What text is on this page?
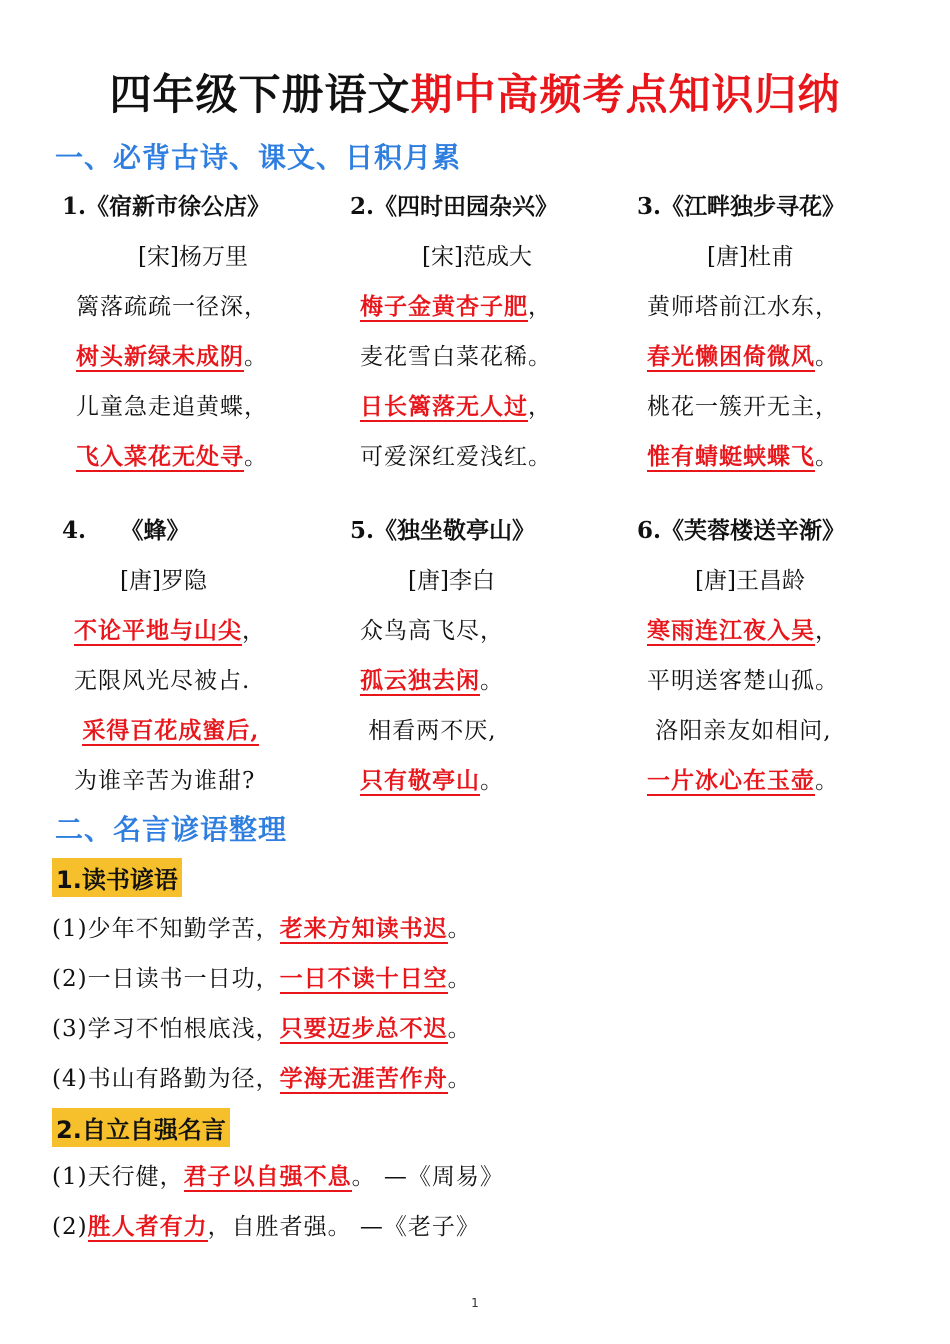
四年级下册语文期中高频考点知识归纳
一、必背古诗、课文、日积月累
1.《宿新市徐公店》
[宋]杨万里
篱落疏疏一径深，
树头新绿未成阴。
儿童急走追黄蝶，
飞入菜花无处寻。
2.《四时田园杂兴》
[宋]范成大
梅子金黄杏子肥，
麦花雪白菜花稀。
日长篱落无人过，
可爱深红爱浅红。
3.《江畔独步寻花》
[唐]杜甫
黄师塔前江水东，
春光懒困倚微风。
桃花一簇开无主，
惟有蜻蜓蛱蝶飞。
4.　　《蜂》
[唐]罗隐
不论平地与山尖，
无限风光尽被占.
采得百花成蜜后,
为谁辛苦为谁甜?
5.《独坐敬亭山》
[唐]李白
众鸟高飞尽，
孤云独去闲。
相看两不厌,
只有敬亭山。
6.《芙蓉楼送辛渐》
[唐]王昌龄
寒雨连江夜入吴，
平明送客楚山孤。
洛阳亲友如相问,
一片冰心在玉壶。
二、名言谚语整理
1.读书谚语
(1)少年不知勤学苦，老来方知读书迟。
(2)一日读书一日功，一日不读十日空。
(3)学习不怕根底浅，只要迈步总不迟。
(4)书山有路勤为径，学海无涯苦作舟。
2.自立自强名言
(1)天行健，君子以自强不息。 —《周易》
(2)胜人者有力，自胜者强。 —《老子》
1
